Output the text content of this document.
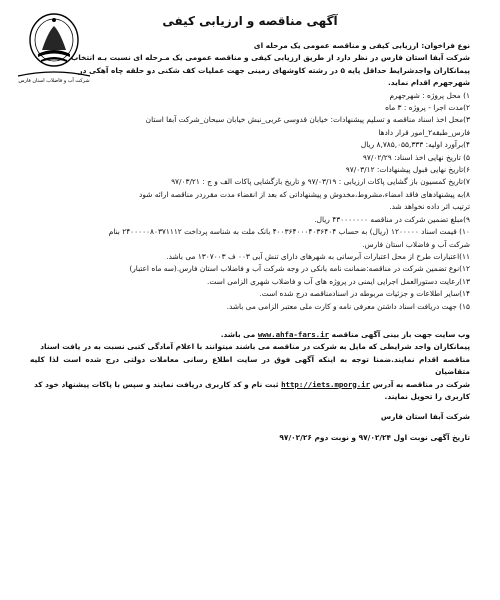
شرکت آب و فاضلاب استان فارس
آگهی مناقصه و ارزیابی کیفی

نوع فراخوان: ارزیابی کیفی و مناقصه عمومی یک مرحله ای

شرکت آبفا استان فارس در نظر دارد از طریق ارزیابی کیفی و مناقصه عمومی یک مـرحله ای نسبت بـه انتخاب

پیمانکاران واجدشرایط حداقل پایه ۵ در رشته کاوشهای زمینی جهت عملیات کف شکنی دو حلقه چاه آهکی در

شهرجهرم اقدام نماید.

۱) محل پروژه : شهرجهرم

۲)مدت اجرا - پروژه : ۳ ماه

۳)محل اخذ اسناد مناقصه و تسلیم پیشنهادات: خیابان قدوسی غربی_نبش خیابان سبحان_شرکت آبفا استان

فارس_طبقه۲_امور قرار دادها

۴)برآورد اولیه: ۸,۷۸۵,۰۵۵,۳۳۳ ریال

۵) تاریخ نهایی اخذ اسناد: ۹۷/۰۲/۲۹

۶)تاریخ نهایی قبول پیشنهادات: ۹۷/۰۳/۱۲

۷)تاریخ کمسیون باز گشایی پاکات ارزیابی : ۹۷/۰۳/۱۹ و تاریخ بازگشایی پاکات الف و ج : ۹۷/۰۳/۲۱

۸)به پیشنهادهای فاقد امضاء،مشروط،مخدوش و پیشنهاداتی که بعد از انقضاء مدت مقرردر مناقصه ارائه شود

ترتیب اثر داده نخواهد شد.

۹)مبلغ تضمین شرکت در مناقصه ۴۳۰۰۰۰۰۰۰ ریال.

۱۰) قیمت اسناد ۱۲۰۰۰۰۰ (ریال) به حساب ۴۰۰۳۶۴۰۰۰۴۰۳۶۴۰۴ بانک ملت به شناسه پرداخت ۲۴۰۰۰۰۰۸۰۳۷۱۱۱۲ بنام

شرکت آب و فاضلاب استان فارس.

۱۱)اعتبارات طرح از محل اعتبارات آبرسانی به شهرهای دارای تنش آبی ۰۰۳ ف ۱۳۰۷۰۰۳ می باشد.

۱۲)نوع تضمین شرکت در مناقصه:ضمانت نامه بانکی در وجه شرکت آب و فاضلاب استان فارس.(سه ماه اعتبار)

۱۳)رعایت دستورالعمل اجرایی ایمنی در پروژه های آب و فاضلاب شهری الزامی است.

۱۴)سایر اطلاعات و جزئیات مربوطه در اسنادمناقصه درج شده است.

۱۵) جهت دریافت اسناد داشتن معرفی نامه و کارت ملی معتبر الزامی می باشد.

وب سایت جهت باز بینی آگهی مناقصه www.ahfa-fars.ir می باشد.

پیمانکاران واجد شرایطی که مایل به شرکت در مناقصه می باشند میتوانند با اعلام آمادگی کتبی نسبت به در یافت اسناد

مناقصه اقدام نمایند.ضمنا توجه به اینکه آگهی فوق در سایت اطلاع رسانی معاملات دولتی درج شده است لذا کلیه متقاضیان

شرکت در مناقصه به آدرس http://iets.mporg.ir ثبت نام و کد کاربری دریافت نمایند و سپس با پاکات پیشنهاد خود کد

کاربری را تحویل نمایند.

شرکت آبفا استان فارس

تاریخ آگهی نوبت اول ۹۷/۰۲/۲۴ و نوبت دوم ۹۷/۰۲/۲۶
